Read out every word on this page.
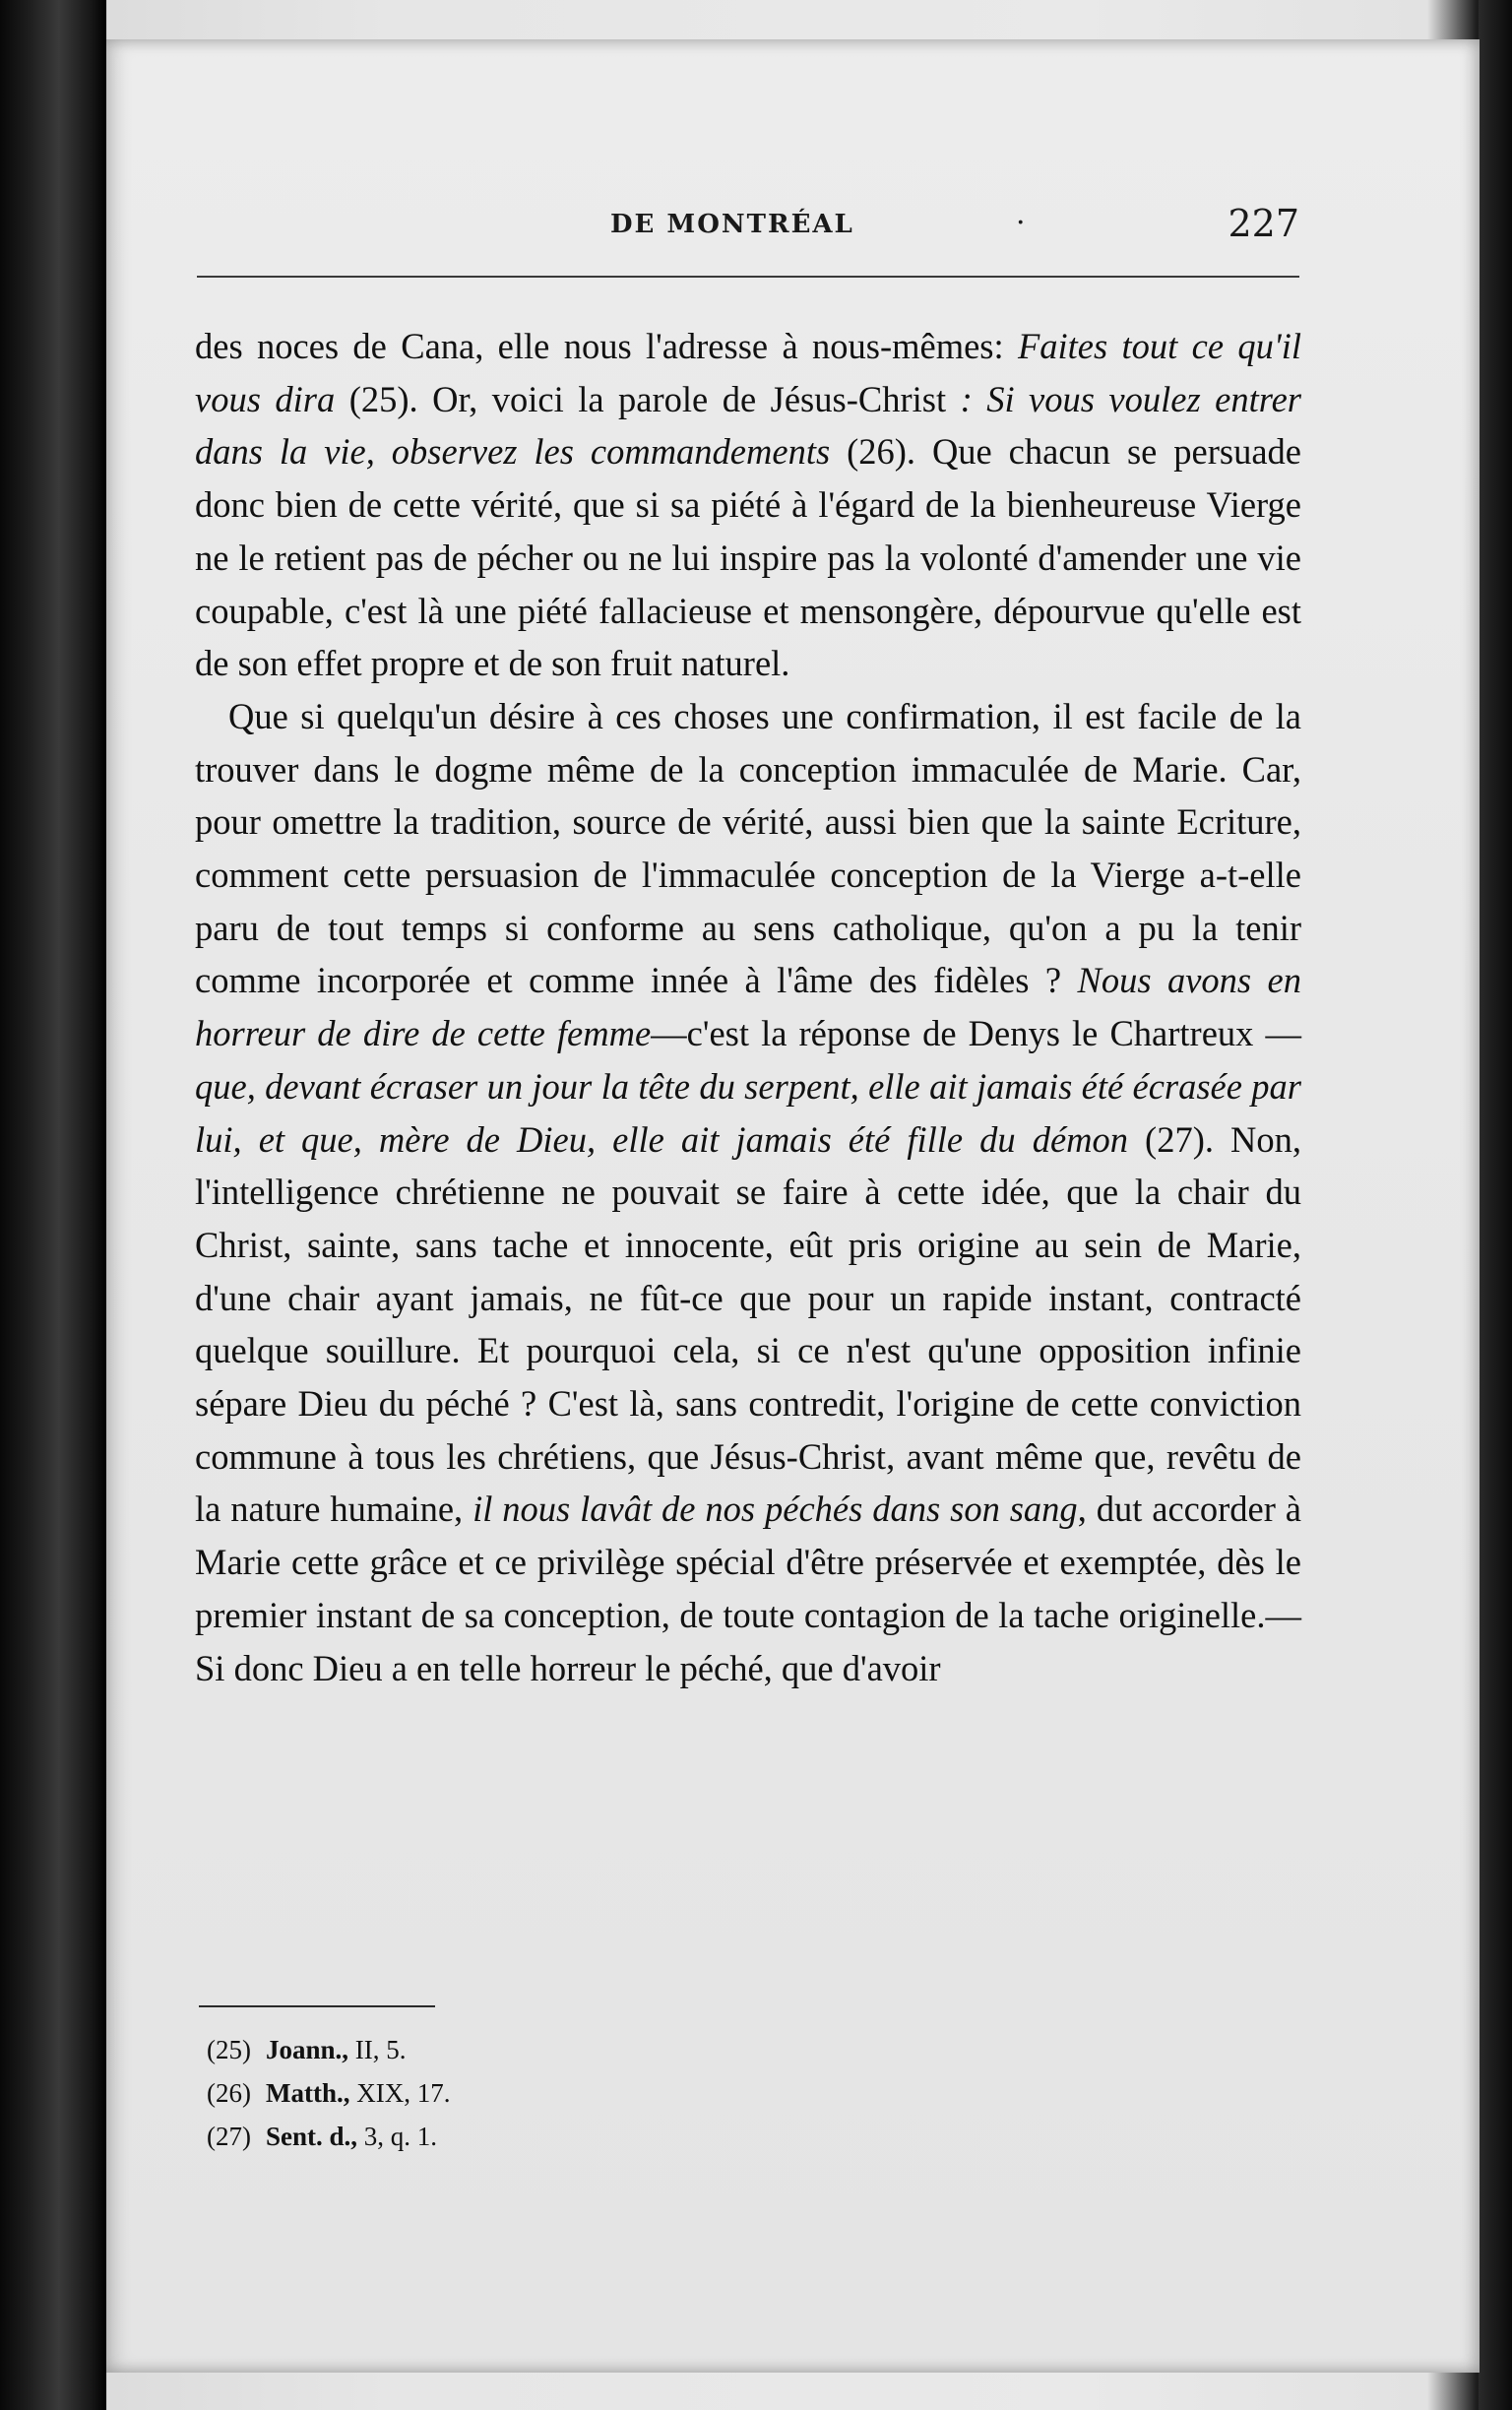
DE MONTRÉAL	·	227

des noces de Cana, elle nous l'adresse à nous-mêmes: Faites tout ce qu'il vous dira (25). Or, voici la parole de Jésus-Christ : Si vous voulez entrer dans la vie, observez les commandements (26). Que chacun se persuade donc bien de cette vérité, que si sa piété à l'égard de la bienheureuse Vierge ne le retient pas de pécher ou ne lui inspire pas la volonté d'amender une vie coupable, c'est là une piété fallacieuse et mensongère, dépourvue qu'elle est de son effet propre et de son fruit naturel.

Que si quelqu'un désire à ces choses une confirmation, il est facile de la trouver dans le dogme même de la conception immaculée de Marie. Car, pour omettre la tradition, source de vérité, aussi bien que la sainte Ecriture, comment cette persuasion de l'immaculée conception de la Vierge a-t-elle paru de tout temps si conforme au sens catholique, qu'on a pu la tenir comme incorporée et comme innée à l'âme des fidèles ? Nous avons en horreur de dire de cette femme—c'est la réponse de Denys le Chartreux — que, devant écraser un jour la tête du serpent, elle ait jamais été écrasée par lui, et que, mère de Dieu, elle ait jamais été fille du démon (27). Non, l'intelligence chrétienne ne pouvait se faire à cette idée, que la chair du Christ, sainte, sans tache et innocente, eût pris origine au sein de Marie, d'une chair ayant jamais, ne fût-ce que pour un rapide instant, contracté quelque souillure. Et pourquoi cela, si ce n'est qu'une opposition infinie sépare Dieu du péché ? C'est là, sans contredit, l'origine de cette conviction commune à tous les chrétiens, que Jésus-Christ, avant même que, revêtu de la nature humaine, il nous lavât de nos péchés dans son sang, dut accorder à Marie cette grâce et ce privilège spécial d'être préservée et exemptée, dès le premier instant de sa conception, de toute contagion de la tache originelle.— Si donc Dieu a en telle horreur le péché, que d'avoir

(25) Joann., II, 5.
(26) Matth., XIX, 17.
(27) Sent. d., 3, q. 1.
